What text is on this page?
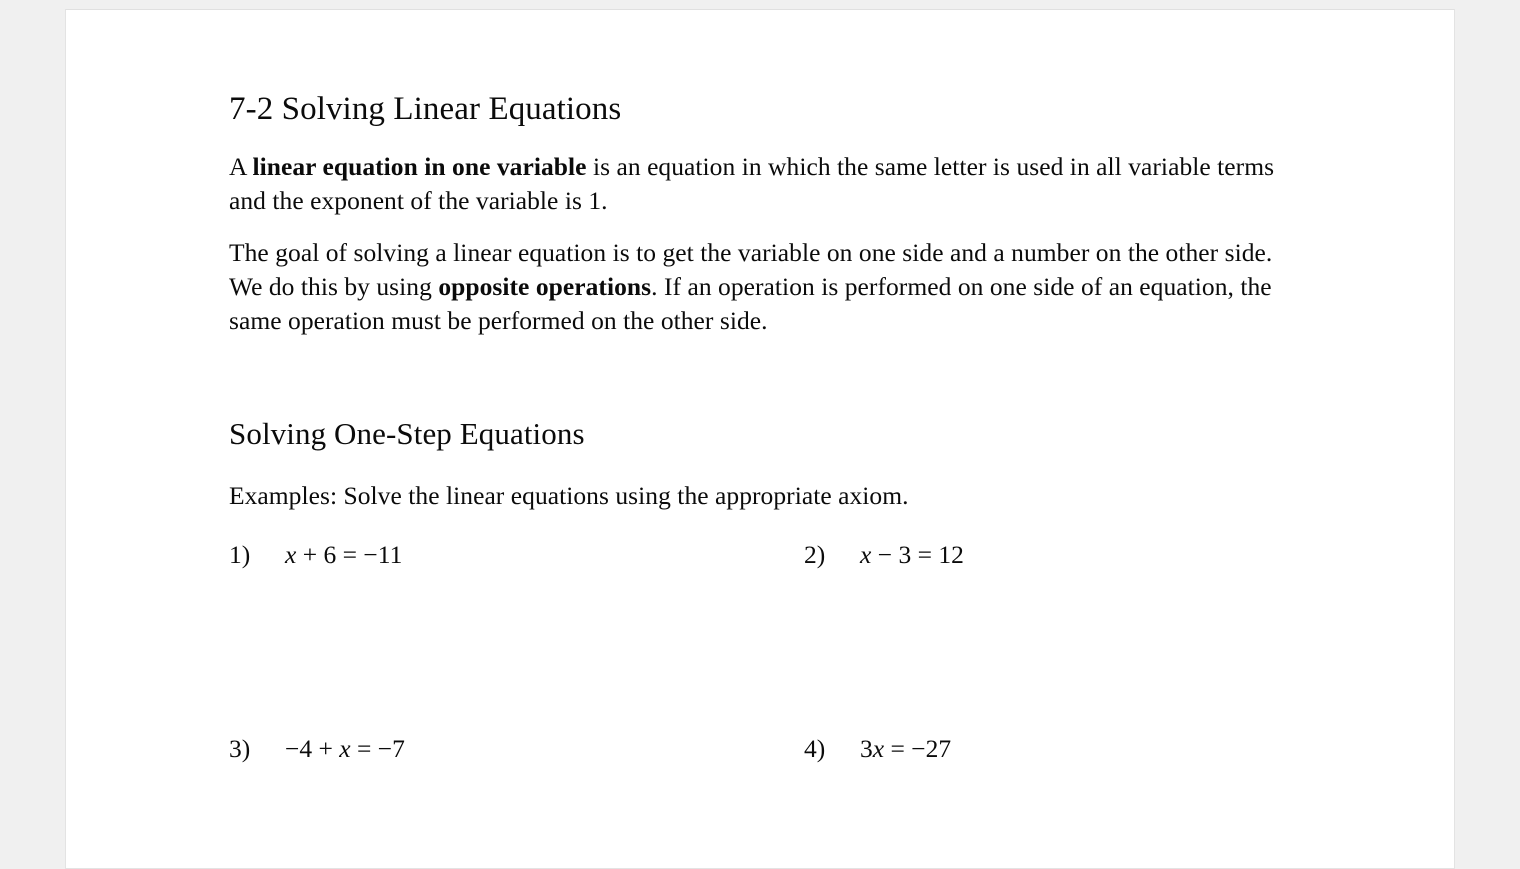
7-2 Solving Linear Equations

A linear equation in one variable is an equation in which the same letter is used in all variable terms and the exponent of the variable is 1.

The goal of solving a linear equation is to get the variable on one side and a number on the other side. We do this by using opposite operations. If an operation is performed on one side of an equation, the same operation must be performed on the other side.

Solving One-Step Equations

Examples: Solve the linear equations using the appropriate axiom.

1)	x + 6 = −11	2)	x − 3 = 12
3)	−4 + x = −7	4)	3x = −27
